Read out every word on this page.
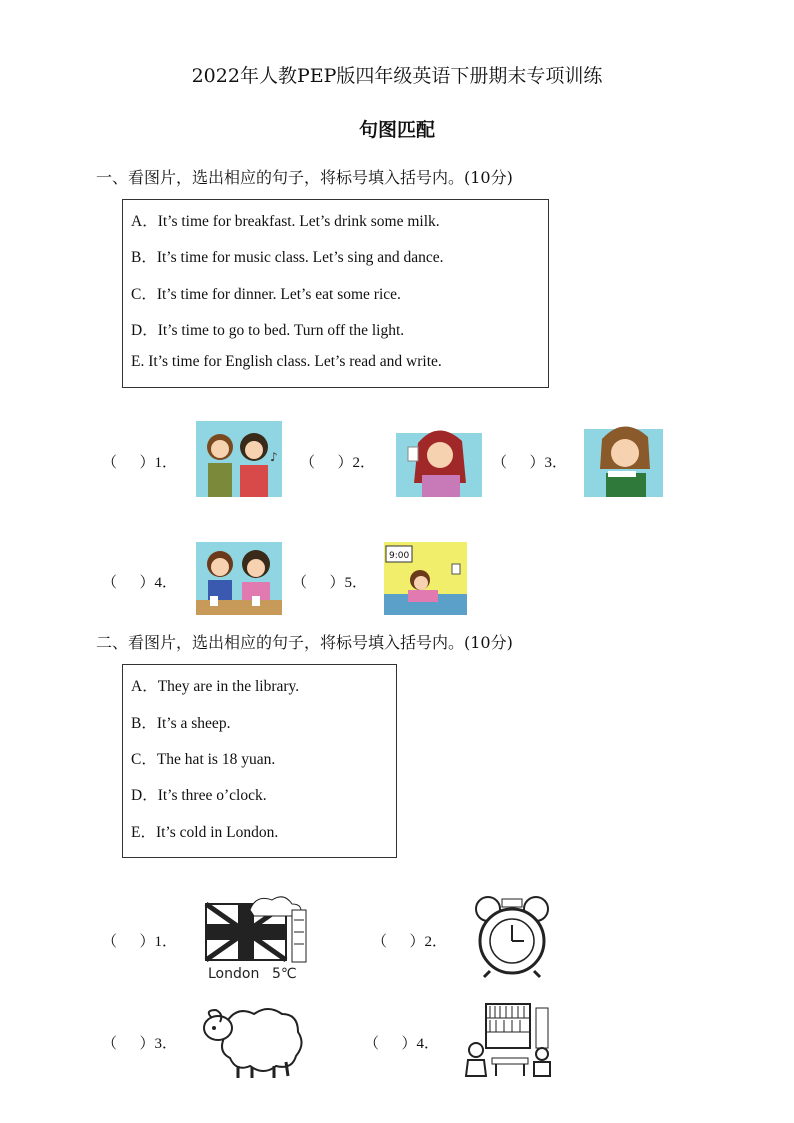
2022年人教PEP版四年级英语下册期末专项训练
句图匹配
一、看图片，选出相应的句子，将标号填入括号内。(10分)
A．It’s time for breakfast. Let’s drink some milk.
B．It’s time for music class. Let’s sing and dance.
C．It’s time for dinner. Let’s eat some rice.
D．It’s time to go to bed. Turn off the light.
E. It’s time for English class. Let’s read and write.
（      ）1．	♪ （      ）2．	（      ）3．
（      ）4．	（      ）5．
9:00
二、看图片，选出相应的句子，将标号填入括号内。(10分)
A．They are in the library.
B．It’s a sheep.
C．The hat is 18 yuan.
D．It’s three o’clock.
E．It’s cold in London.
（      ）1．
London 5℃
（      ）2．
（      ）3．	（      ）4．
